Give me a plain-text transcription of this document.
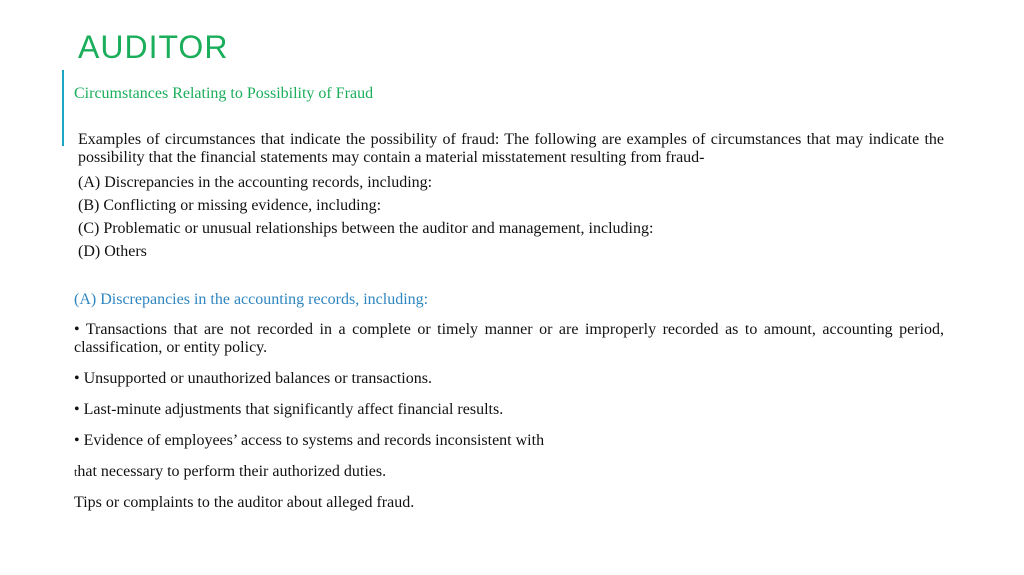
AUDITOR
Circumstances Relating to Possibility of Fraud

Examples of circumstances that indicate the possibility of fraud: The following are examples of circumstances that may indicate the possibility that the financial statements may contain a material misstatement resulting from fraud-

(A) Discrepancies in the accounting records, including:

(B) Conflicting or missing evidence, including:

(C) Problematic or unusual relationships between the auditor and management, including:

(D) Others

(A) Discrepancies in the accounting records, including:

• Transactions that are not recorded in a complete or timely manner or are improperly recorded as to amount, accounting period, classification, or entity policy.

• Unsupported or unauthorized balances or transactions.

• Last-minute adjustments that significantly affect financial results.

• Evidence of employees’ access to systems and records inconsistent with

that necessary to perform their authorized duties.

Tips or complaints to the auditor about alleged fraud.
